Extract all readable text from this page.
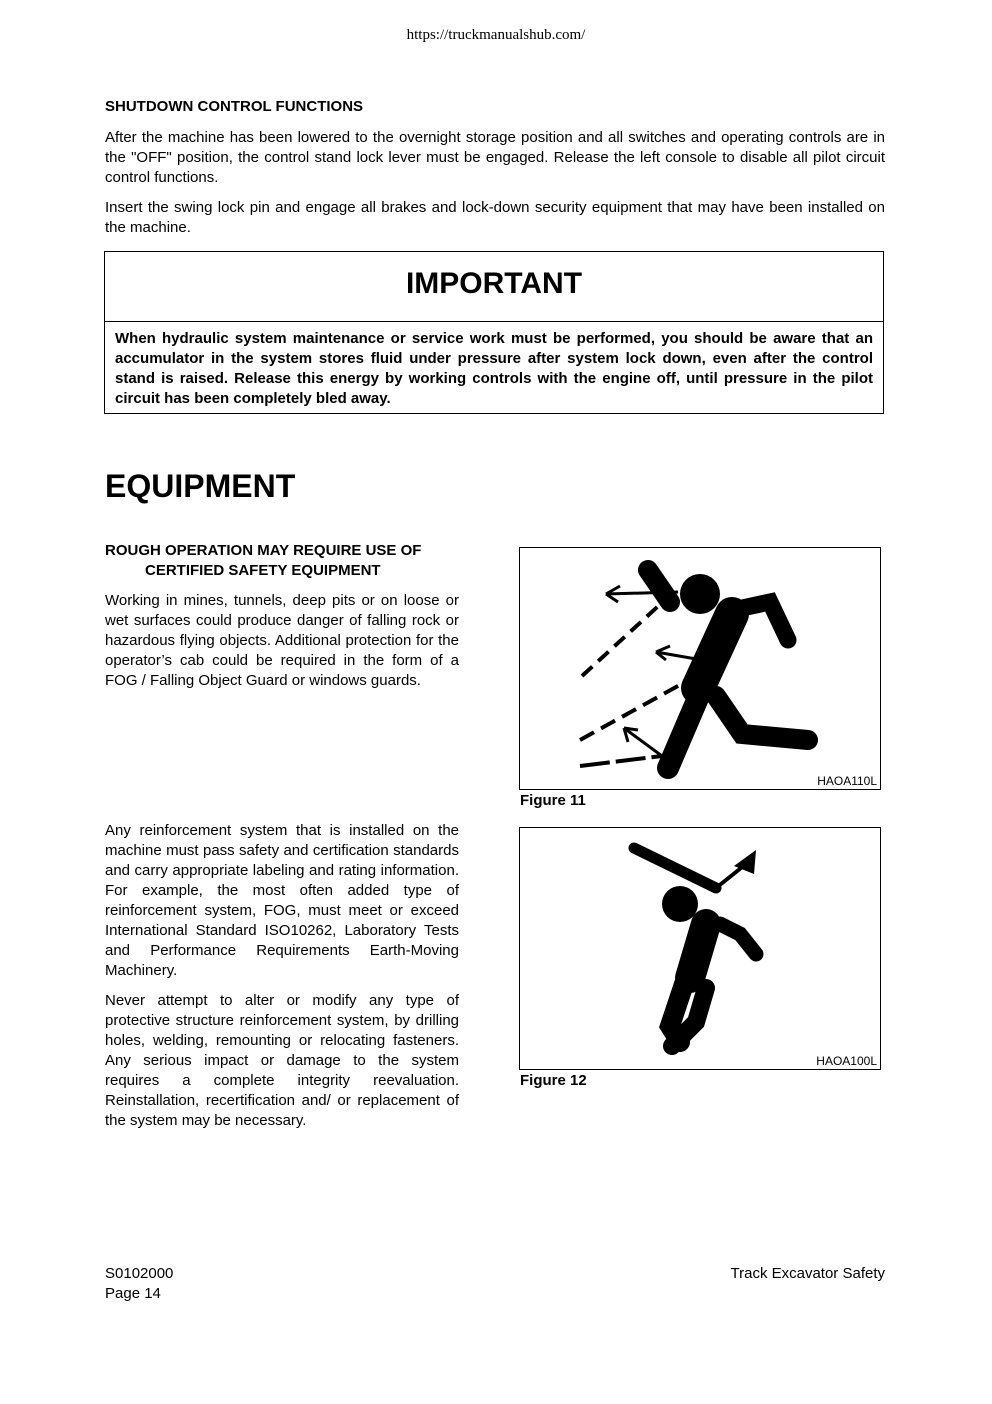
https://truckmanualshub.com/
SHUTDOWN CONTROL FUNCTIONS

After the machine has been lowered to the overnight storage position and all switches and operating controls are in the "OFF" position, the control stand lock lever must be engaged. Release the left console to disable all pilot circuit control functions.

Insert the swing lock pin and engage all brakes and lock-down security equipment that may have been installed on the machine.

IMPORTANT
When hydraulic system maintenance or service work must be performed, you should be aware that an accumulator in the system stores fluid under pressure after system lock down, even after the control stand is raised. Release this energy by working controls with the engine off, until pressure in the pilot circuit has been completely bled away.
EQUIPMENT
ROUGH OPERATION MAY REQUIRE USE OF
CERTIFIED SAFETY EQUIPMENT

Working in mines, tunnels, deep pits or on loose or wet surfaces could produce danger of falling rock or hazardous flying objects. Additional protection for the operator’s cab could be required in the form of a FOG / Falling Object Guard or windows guards.

Any reinforcement system that is installed on the machine must pass safety and certification standards and carry appropriate labeling and rating information. For example, the most often added type of reinforcement system, FOG, must meet or exceed International Standard ISO10262, Laboratory Tests and Performance Requirements Earth-Moving Machinery.

Never attempt to alter or modify any type of protective structure reinforcement system, by drilling holes, welding, remounting or relocating fasteners. Any serious impact or damage to the system requires a complete integrity reevaluation. Reinstallation, recertification and/ or replacement of the system may be necessary.

HAOA110L
Figure 11
HAOA100L
Figure 12
S0102000
Page 14
Track Excavator Safety
